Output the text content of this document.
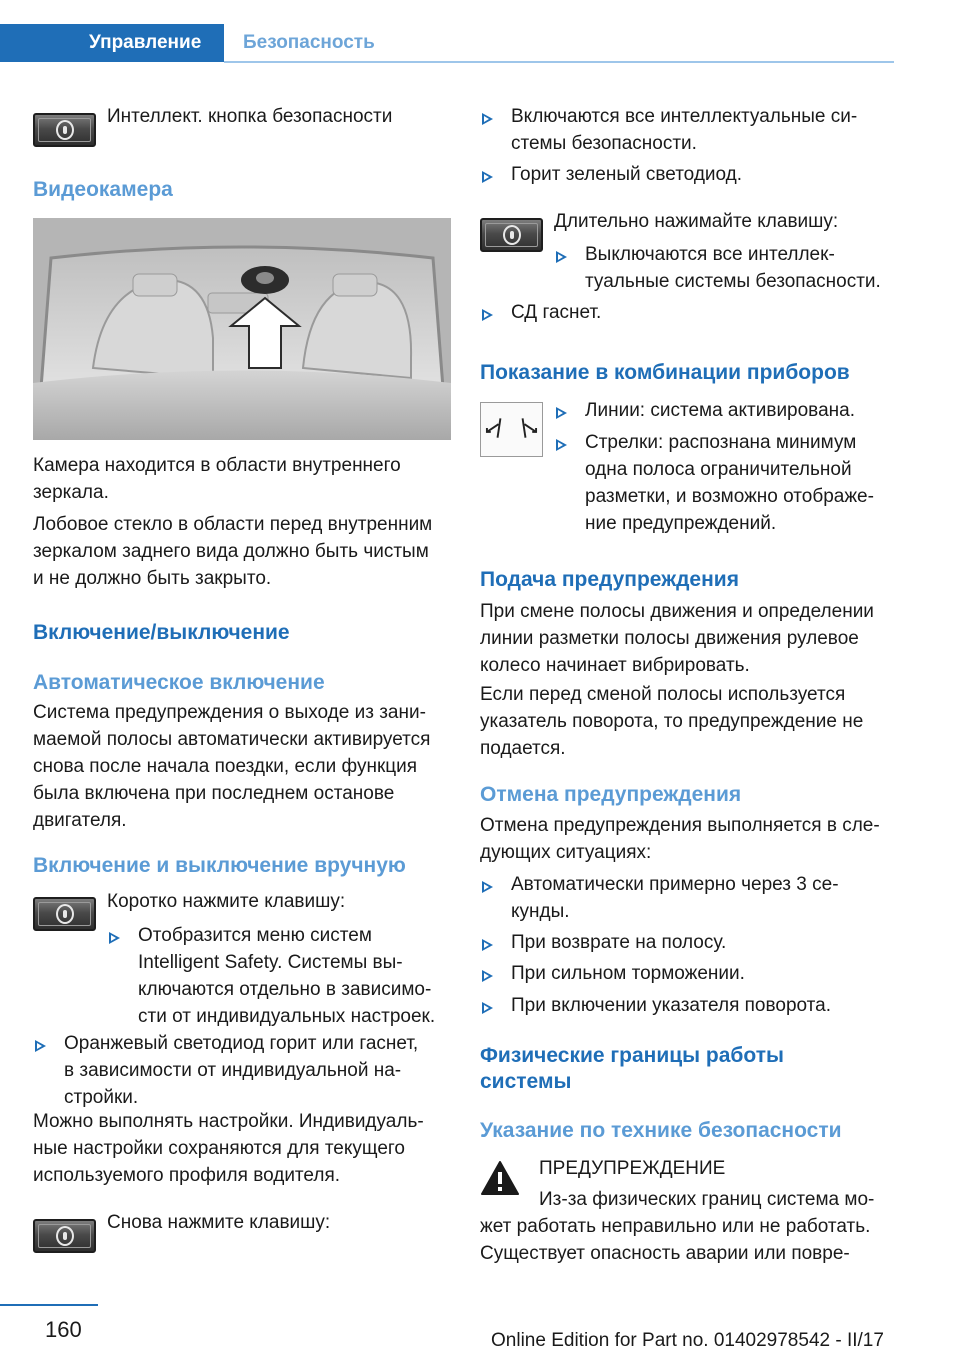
Управление	Безопасность
Интеллект. кнопка безопасности
Видеокамера
Камера находится в области внутреннего
зеркала.
Лобовое стекло в области перед внутренним
зеркалом заднего вида должно быть чистым
и не должно быть закрыто.
Включение/выключение
Автоматическое включение
Система предупреждения о выходе из зани‐
маемой полосы автоматически активируется
снова после начала поездки, если функция
была включена при последнем останове
двигателя.
Включение и выключение вручную
Коротко нажмите клавишу:
Отобразится меню систем
Intelligent Safety. Системы вы‐
ключаются отдельно в зависимо‐
сти от индивидуальных настроек.
Оранжевый светодиод горит или гаснет,
в зависимости от индивидуальной на‐
стройки.
Можно выполнять настройки. Индивидуаль‐
ные настройки сохраняются для текущего
используемого профиля водителя.
Снова нажмите клавишу:
Включаются все интеллектуальные си‐
стемы безопасности.
Горит зеленый светодиод.
Длительно нажимайте клавишу:
Выключаются все интеллек‐
туальные системы безопасности.
СД гаснет.
Показание в комбинации приборов
Линии: система активирована.
Стрелки: распознана минимум
одна полоса ограничительной
разметки, и возможно отображе‐
ние предупреждений.
Подача предупреждения
При смене полосы движения и определении
линии разметки полосы движения рулевое
колесо начинает вибрировать.
Если перед сменой полосы используется
указатель поворота, то предупреждение не
подается.
Отмена предупреждения
Отмена предупреждения выполняется в сле‐
дующих ситуациях:
Автоматически примерно через 3 се‐
кунды.
При возврате на полосу.
При сильном торможении.
При включении указателя поворота.
Физические границы работы
системы
Указание по технике безопасности
ПРЕДУПРЕЖДЕНИЕ
Из-за физических границ система мо‐
жет работать неправильно или не работать.
Существует опасность аварии или повре‐
160	Online Edition for Part no. 01402978542 - II/17
